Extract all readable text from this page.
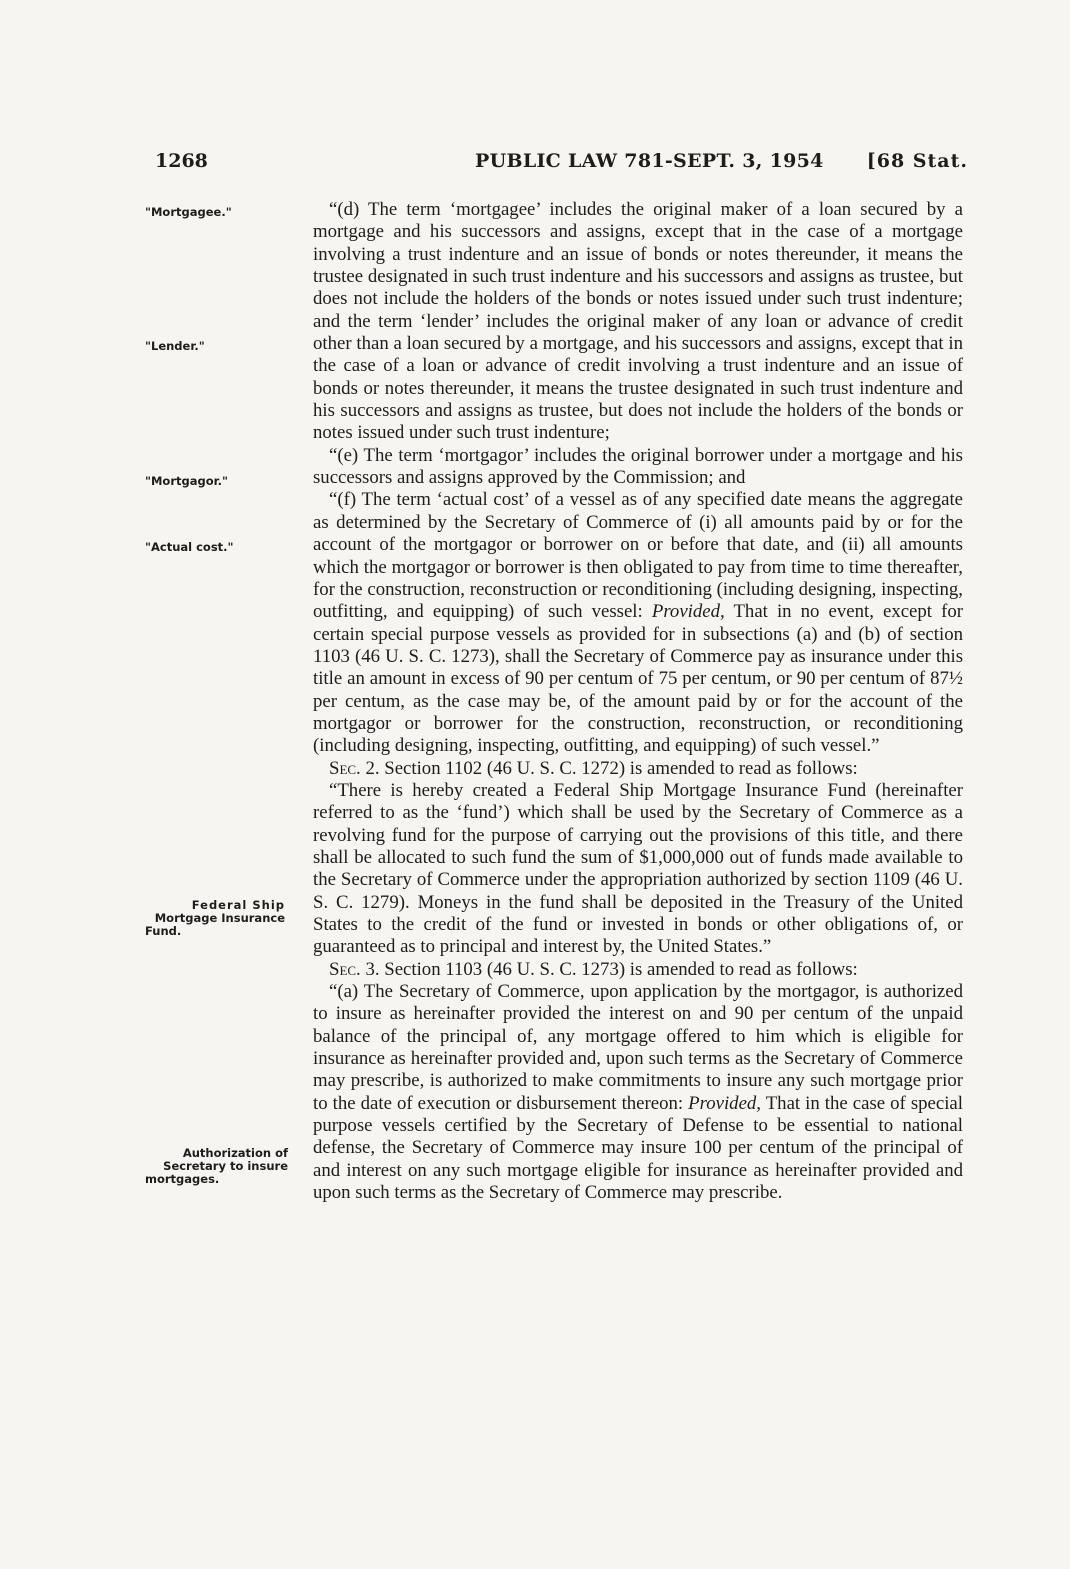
1268	PUBLIC LAW 781-SEPT. 3, 1954 [68 Stat.
"Mortgagee."
"Lender."
"Mortgagor."
"Actual cost."
Federal Ship
Mortgage Insurance
Fund.
Authorization of
Secretary to insure
mortgages.

“(d) The term ‘mortgagee’ includes the original maker of a loan secured by a mortgage and his successors and assigns, except that in the case of a mortgage involving a trust indenture and an issue of bonds or notes thereunder, it means the trustee designated in such trust indenture and his successors and assigns as trustee, but does not include the holders of the bonds or notes issued under such trust indenture; and the term ‘lender’ includes the original maker of any loan or advance of credit other than a loan secured by a mortgage, and his successors and assigns, except that in the case of a loan or advance of credit involving a trust indenture and an issue of bonds or notes thereunder, it means the trustee designated in such trust indenture and his successors and assigns as trustee, but does not include the holders of the bonds or notes issued under such trust indenture;

“(e) The term ‘mortgagor’ includes the original borrower under a mortgage and his successors and assigns approved by the Commission; and

“(f) The term ‘actual cost’ of a vessel as of any specified date means the aggregate as determined by the Secretary of Commerce of (i) all amounts paid by or for the account of the mortgagor or borrower on or before that date, and (ii) all amounts which the mortgagor or borrower is then obligated to pay from time to time thereafter, for the construction, reconstruction or reconditioning (including designing, inspecting, outfitting, and equipping) of such vessel: Provided, That in no event, except for certain special purpose vessels as provided for in subsections (a) and (b) of section 1103 (46 U. S. C. 1273), shall the Secretary of Commerce pay as insurance under this title an amount in excess of 90 per centum of 75 per centum, or 90 per centum of 87½ per centum, as the case may be, of the amount paid by or for the account of the mortgagor or borrower for the construction, reconstruction, or reconditioning (including designing, inspecting, outfitting, and equipping) of such vessel.”

Sec. 2. Section 1102 (46 U. S. C. 1272) is amended to read as follows:

“There is hereby created a Federal Ship Mortgage Insurance Fund (hereinafter referred to as the ‘fund’) which shall be used by the Secretary of Commerce as a revolving fund for the purpose of carrying out the provisions of this title, and there shall be allocated to such fund the sum of $1,000,000 out of funds made available to the Secretary of Commerce under the appropriation authorized by section 1109 (46 U. S. C. 1279). Moneys in the fund shall be deposited in the Treasury of the United States to the credit of the fund or invested in bonds or other obligations of, or guaranteed as to principal and interest by, the United States.”

Sec. 3. Section 1103 (46 U. S. C. 1273) is amended to read as follows:

“(a) The Secretary of Commerce, upon application by the mortgagor, is authorized to insure as hereinafter provided the interest on and 90 per centum of the unpaid balance of the principal of, any mortgage offered to him which is eligible for insurance as hereinafter provided and, upon such terms as the Secretary of Commerce may prescribe, is authorized to make commitments to insure any such mortgage prior to the date of execution or disbursement thereon: Provided, That in the case of special purpose vessels certified by the Secretary of Defense to be essential to national defense, the Secretary of Commerce may insure 100 per centum of the principal of and interest on any such mortgage eligible for insurance as hereinafter provided and upon such terms as the Secretary of Commerce may prescribe.
